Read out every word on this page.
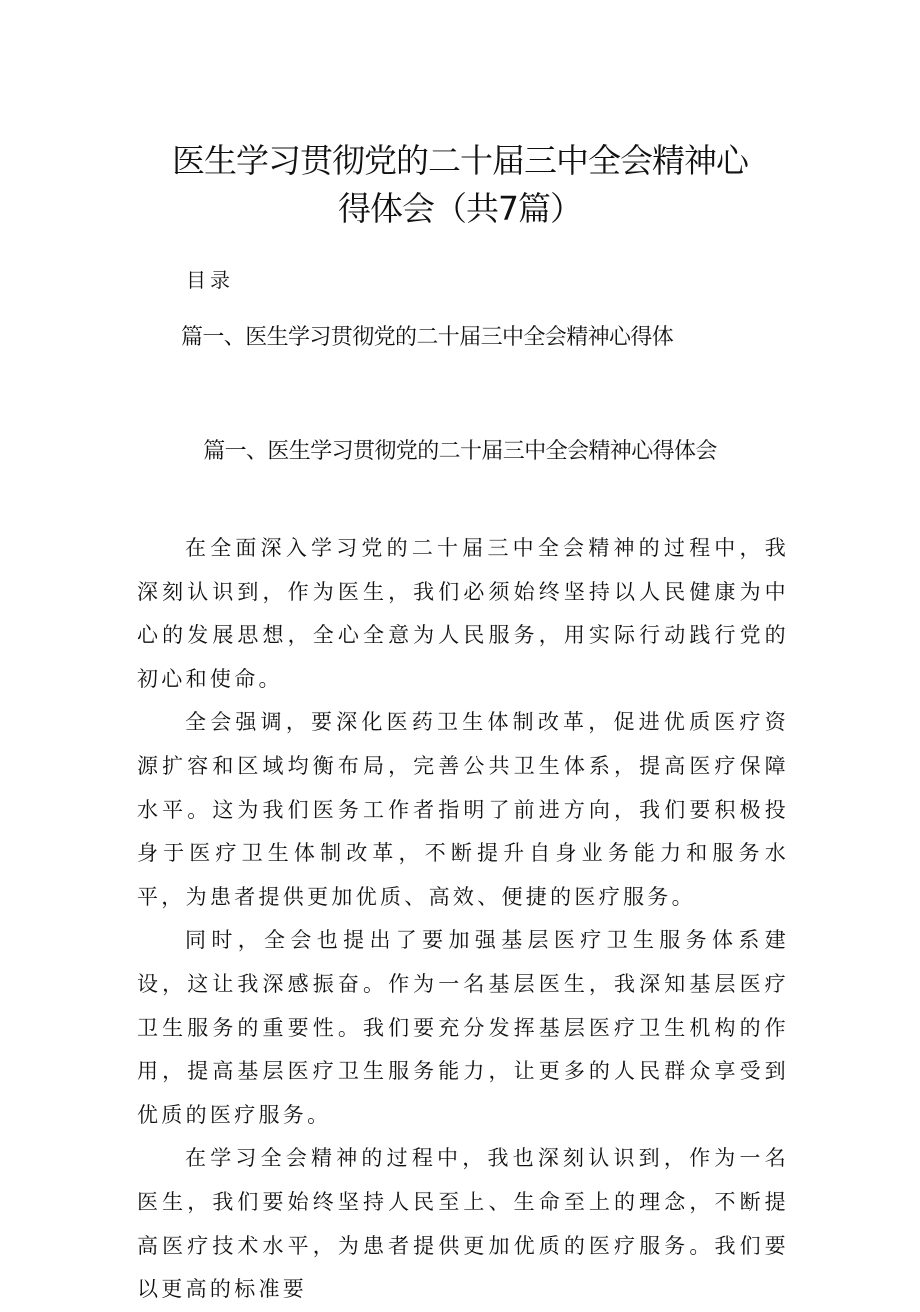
医生学习贯彻党的二十届三中全会精神心
得体会（共7篇）
目录
篇一、医生学习贯彻党的二十届三中全会精神心得体
篇一、医生学习贯彻党的二十届三中全会精神心得体会

在全面深入学习党的二十届三中全会精神的过程中，我深刻认识到，作为医生，我们必须始终坚持以人民健康为中心的发展思想，全心全意为人民服务，用实际行动践行党的初心和使命。

全会强调，要深化医药卫生体制改革，促进优质医疗资源扩容和区域均衡布局，完善公共卫生体系，提高医疗保障水平。这为我们医务工作者指明了前进方向，我们要积极投身于医疗卫生体制改革，不断提升自身业务能力和服务水平，为患者提供更加优质、高效、便捷的医疗服务。

同时，全会也提出了要加强基层医疗卫生服务体系建设，这让我深感振奋。作为一名基层医生，我深知基层医疗卫生服务的重要性。我们要充分发挥基层医疗卫生机构的作用，提高基层医疗卫生服务能力，让更多的人民群众享受到优质的医疗服务。

在学习全会精神的过程中，我也深刻认识到，作为一名医生，我们要始终坚持人民至上、生命至上的理念，不断提高医疗技术水平，为患者提供更加优质的医疗服务。我们要以更高的标准要
